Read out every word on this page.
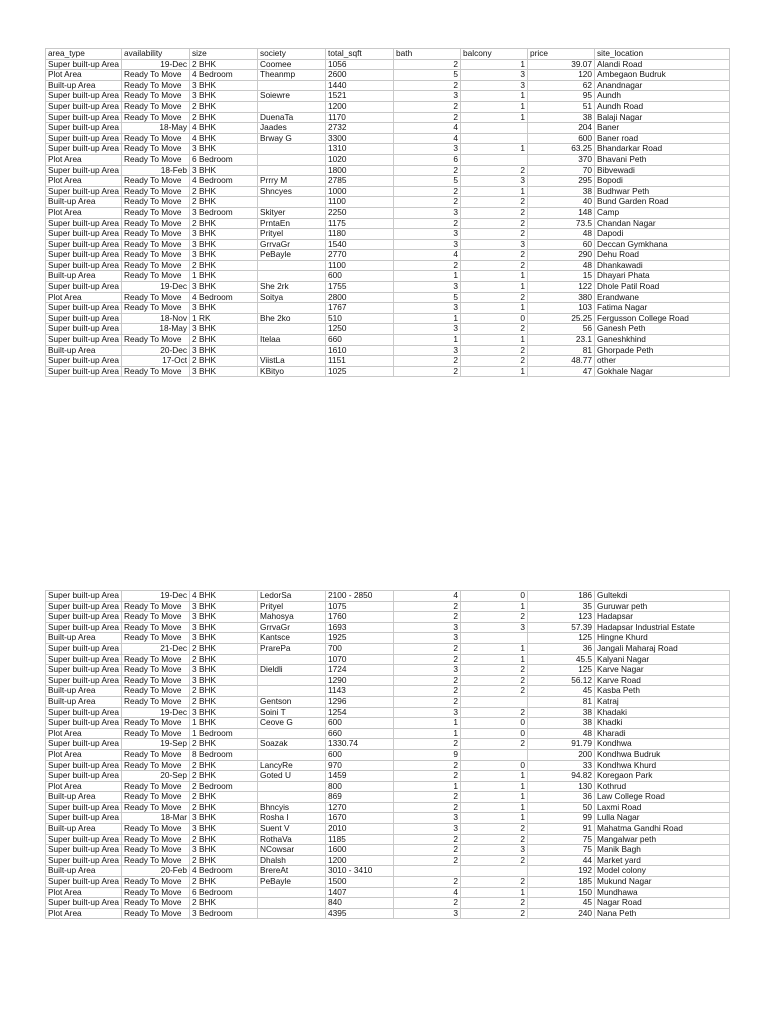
area_type	availability	size	society	total_sqft	bath	balcony	price	site_location
Super built-up Area	19-Dec	2 BHK	Coomee	1056	2	1	39.07	Alandi Road
Plot Area	Ready To Move	4 Bedroom	Theanmp	2600	5	3	120	Ambegaon Budruk
Built-up Area	Ready To Move	3 BHK		1440	2	3	62	Anandnagar
Super built-up Area	Ready To Move	3 BHK	Soiewre	1521	3	1	95	Aundh
Super built-up Area	Ready To Move	2 BHK		1200	2	1	51	Aundh Road
Super built-up Area	Ready To Move	2 BHK	DuenaTa	1170	2	1	38	Balaji Nagar
Super built-up Area	18-May	4 BHK	Jaades	2732	4		204	Baner
Super built-up Area	Ready To Move	4 BHK	Brway G	3300	4		600	Baner road
Super built-up Area	Ready To Move	3 BHK		1310	3	1	63.25	Bhandarkar Road
Plot Area	Ready To Move	6 Bedroom		1020	6		370	Bhavani Peth
Super built-up Area	18-Feb	3 BHK		1800	2	2	70	Bibvewadi
Plot Area	Ready To Move	4 Bedroom	Prrry M	2785	5	3	295	Bopodi
Super built-up Area	Ready To Move	2 BHK	Shncyes	1000	2	1	38	Budhwar Peth
Built-up Area	Ready To Move	2 BHK		1100	2	2	40	Bund Garden Road
Plot Area	Ready To Move	3 Bedroom	Skityer	2250	3	2	148	Camp
Super built-up Area	Ready To Move	2 BHK	PrntaEn	1175	2	2	73.5	Chandan Nagar
Super built-up Area	Ready To Move	3 BHK	Prityel	1180	3	2	48	Dapodi
Super built-up Area	Ready To Move	3 BHK	GrrvaGr	1540	3	3	60	Deccan Gymkhana
Super built-up Area	Ready To Move	3 BHK	PeBayle	2770	4	2	290	Dehu Road
Super built-up Area	Ready To Move	2 BHK		1100	2	2	48	Dhankawadi
Built-up Area	Ready To Move	1 BHK		600	1	1	15	Dhayari Phata
Super built-up Area	19-Dec	3 BHK	She 2rk	1755	3	1	122	Dhole Patil Road
Plot Area	Ready To Move	4 Bedroom	Soitya	2800	5	2	380	Erandwane
Super built-up Area	Ready To Move	3 BHK		1767	3	1	103	Fatima Nagar
Super built-up Area	18-Nov	1 RK	Bhe 2ko	510	1	0	25.25	Fergusson College Road
Super built-up Area	18-May	3 BHK		1250	3	2	56	Ganesh Peth
Super built-up Area	Ready To Move	2 BHK	Itelaa	660	1	1	23.1	Ganeshkhind
Built-up Area	20-Dec	3 BHK		1610	3	2	81	Ghorpade Peth
Super built-up Area	17-Oct	2 BHK	ViistLa	1151	2	2	48.77	other
Super built-up Area	Ready To Move	3 BHK	KBityo	1025	2	1	47	Gokhale Nagar
Super built-up Area	19-Dec	4 BHK	LedorSa	2100 - 2850	4	0	186	Gultekdi
Super built-up Area	Ready To Move	3 BHK	Prityel	1075	2	1	35	Guruwar peth
Super built-up Area	Ready To Move	3 BHK	Mahosya	1760	2	2	123	Hadapsar
Super built-up Area	Ready To Move	3 BHK	GrrvaGr	1693	3	3	57.39	Hadapsar Industrial Estate
Built-up Area	Ready To Move	3 BHK	Kantsce	1925	3		125	Hingne Khurd
Super built-up Area	21-Dec	2 BHK	PrarePa	700	2	1	36	Jangali Maharaj Road
Super built-up Area	Ready To Move	2 BHK		1070	2	1	45.5	Kalyani Nagar
Super built-up Area	Ready To Move	3 BHK	Dieldli	1724	3	2	125	Karve Nagar
Super built-up Area	Ready To Move	3 BHK		1290	2	2	56.12	Karve Road
Built-up Area	Ready To Move	2 BHK		1143	2	2	45	Kasba Peth
Built-up Area	Ready To Move	2 BHK	Gentson	1296	2		81	Katraj
Super built-up Area	19-Dec	3 BHK	Soini T	1254	3	2	38	Khadaki
Super built-up Area	Ready To Move	1 BHK	Ceove G	600	1	0	38	Khadki
Plot Area	Ready To Move	1 Bedroom		660	1	0	48	Kharadi
Super built-up Area	19-Sep	2 BHK	Soazak	1330.74	2	2	91.79	Kondhwa
Plot Area	Ready To Move	8 Bedroom		600	9		200	Kondhwa Budruk
Super built-up Area	Ready To Move	2 BHK	LancyRe	970	2	0	33	Kondhwa Khurd
Super built-up Area	20-Sep	2 BHK	Goted U	1459	2	1	94.82	Koregaon Park
Plot Area	Ready To Move	2 Bedroom		800	1	1	130	Kothrud
Built-up Area	Ready To Move	2 BHK		869	2	1	36	Law College Road
Super built-up Area	Ready To Move	2 BHK	Bhncyis	1270	2	1	50	Laxmi Road
Super built-up Area	18-Mar	3 BHK	Rosha I	1670	3	1	99	Lulla Nagar
Built-up Area	Ready To Move	3 BHK	Suent V	2010	3	2	91	Mahatma Gandhi Road
Super built-up Area	Ready To Move	2 BHK	RothaVa	1185	2	2	75	Mangalwar peth
Super built-up Area	Ready To Move	3 BHK	NCowsar	1600	2	3	75	Manik Bagh
Super built-up Area	Ready To Move	2 BHK	Dhalsh	1200	2	2	44	Market yard
Built-up Area	20-Feb	4 Bedroom	BrereAt	3010 - 3410			192	Model colony
Super built-up Area	Ready To Move	2 BHK	PeBayle	1500	2	2	185	Mukund Nagar
Plot Area	Ready To Move	6 Bedroom		1407	4	1	150	Mundhawa
Super built-up Area	Ready To Move	2 BHK		840	2	2	45	Nagar Road
Plot Area	Ready To Move	3 Bedroom		4395	3	2	240	Nana Peth
